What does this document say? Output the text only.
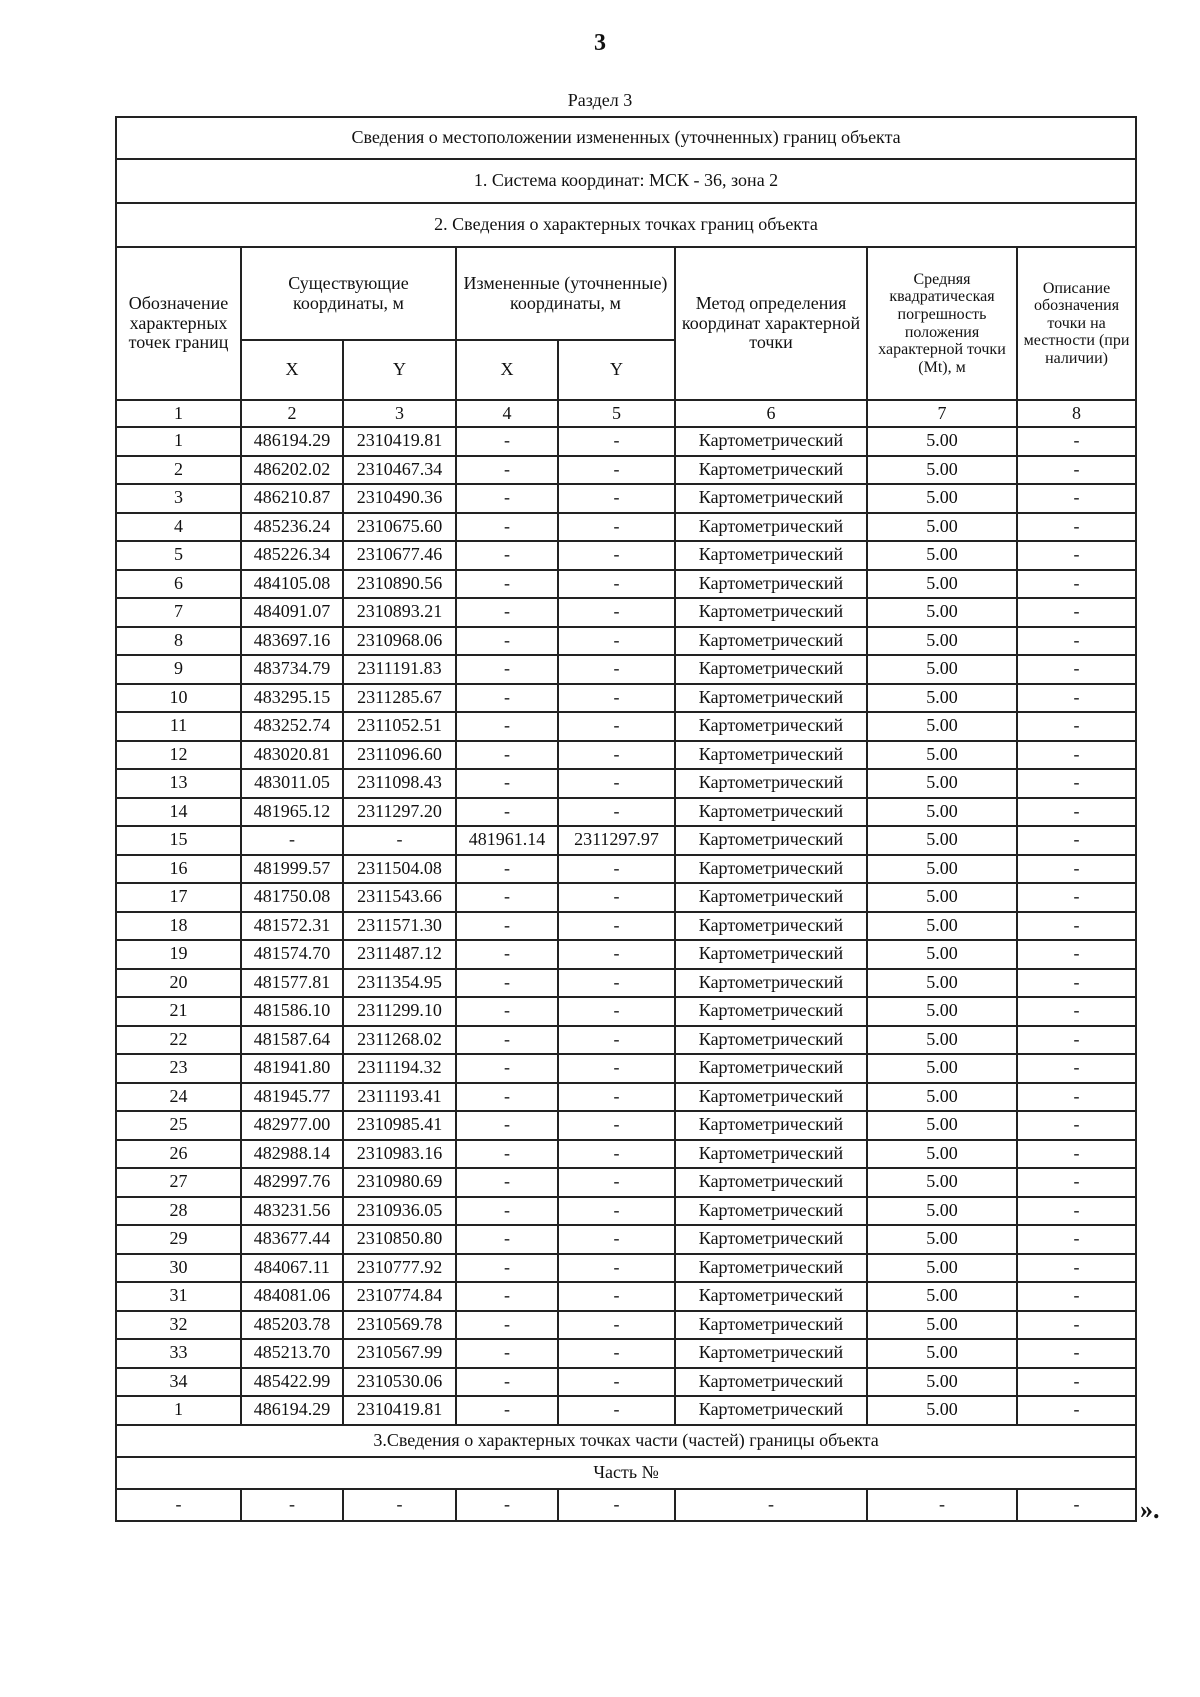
3
Раздел 3
Сведения о местоположении измененных (уточненных) границ объекта							
1. Система координат: МСК - 36, зона 2							
2. Сведения о характерных точках границ объекта							
Обозначение характерных точек границ	Существующие координаты, м		Измененные (уточненные) координаты, м		Метод определения координат характерной точки	Средняя квадратическая погрешность положения характерной точки (Mt), м	Описание обозначения точки на местности (при наличии)
	X	Y	X	Y			
1	2	3	4	5	6	7	8
1	486194.29	2310419.81	-	-	Картометрический	5.00	-
2	486202.02	2310467.34	-	-	Картометрический	5.00	-
3	486210.87	2310490.36	-	-	Картометрический	5.00	-
4	485236.24	2310675.60	-	-	Картометрический	5.00	-
5	485226.34	2310677.46	-	-	Картометрический	5.00	-
6	484105.08	2310890.56	-	-	Картометрический	5.00	-
7	484091.07	2310893.21	-	-	Картометрический	5.00	-
8	483697.16	2310968.06	-	-	Картометрический	5.00	-
9	483734.79	2311191.83	-	-	Картометрический	5.00	-
10	483295.15	2311285.67	-	-	Картометрический	5.00	-
11	483252.74	2311052.51	-	-	Картометрический	5.00	-
12	483020.81	2311096.60	-	-	Картометрический	5.00	-
13	483011.05	2311098.43	-	-	Картометрический	5.00	-
14	481965.12	2311297.20	-	-	Картометрический	5.00	-
15	-	-	481961.14	2311297.97	Картометрический	5.00	-
16	481999.57	2311504.08	-	-	Картометрический	5.00	-
17	481750.08	2311543.66	-	-	Картометрический	5.00	-
18	481572.31	2311571.30	-	-	Картометрический	5.00	-
19	481574.70	2311487.12	-	-	Картометрический	5.00	-
20	481577.81	2311354.95	-	-	Картометрический	5.00	-
21	481586.10	2311299.10	-	-	Картометрический	5.00	-
22	481587.64	2311268.02	-	-	Картометрический	5.00	-
23	481941.80	2311194.32	-	-	Картометрический	5.00	-
24	481945.77	2311193.41	-	-	Картометрический	5.00	-
25	482977.00	2310985.41	-	-	Картометрический	5.00	-
26	482988.14	2310983.16	-	-	Картометрический	5.00	-
27	482997.76	2310980.69	-	-	Картометрический	5.00	-
28	483231.56	2310936.05	-	-	Картометрический	5.00	-
29	483677.44	2310850.80	-	-	Картометрический	5.00	-
30	484067.11	2310777.92	-	-	Картометрический	5.00	-
31	484081.06	2310774.84	-	-	Картометрический	5.00	-
32	485203.78	2310569.78	-	-	Картометрический	5.00	-
33	485213.70	2310567.99	-	-	Картометрический	5.00	-
34	485422.99	2310530.06	-	-	Картометрический	5.00	-
1	486194.29	2310419.81	-	-	Картометрический	5.00	-
3.Сведения о характерных точках части (частей) границы объекта							
Часть №							
-	-	-	-	-	-	-	- ».
